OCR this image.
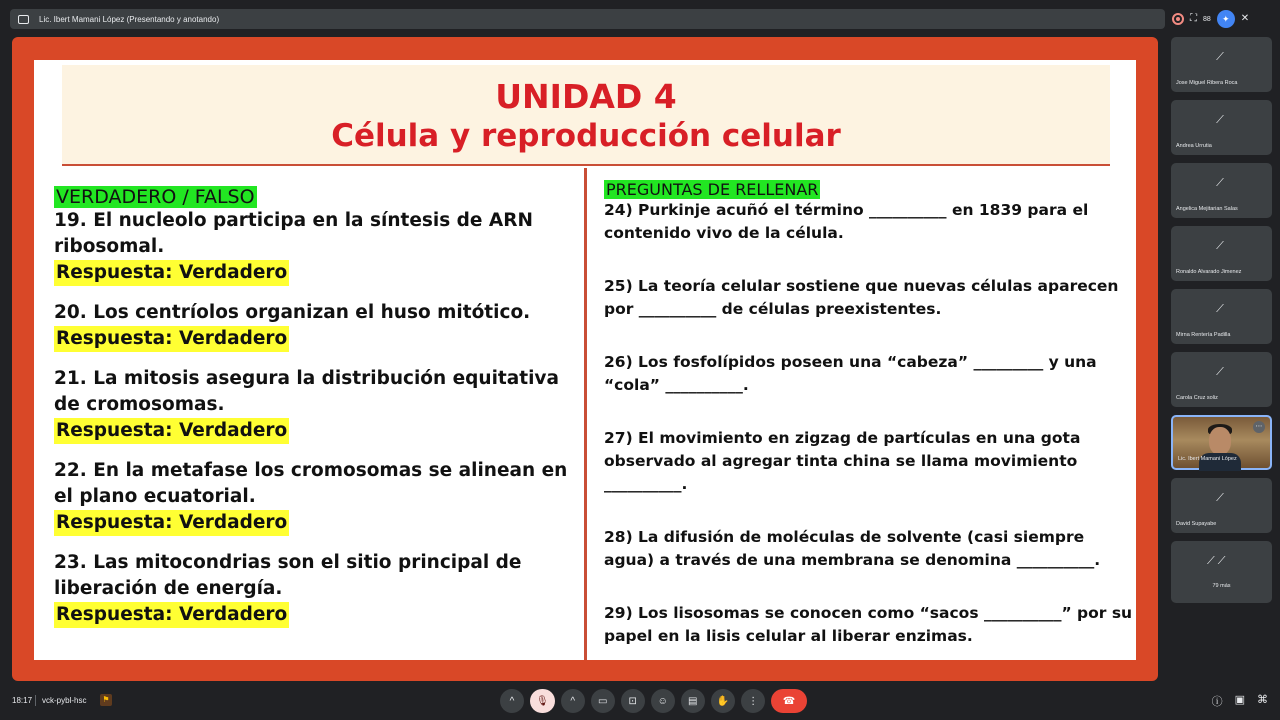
Lic. Ibert Mamani López (Presentando y anotando)	⛶ 88	✦	✕
UNIDAD 4
Célula y reproducción celular
VERDADERO / FALSO
19. El nucleolo participa en la síntesis de ARN ribosomal.
Respuesta: Verdadero
20. Los centríolos organizan el huso mitótico.
Respuesta: Verdadero
21. La mitosis asegura la distribución equitativa de cromosomas.
Respuesta: Verdadero
22. En la metafase los cromosomas se alinean en el plano ecuatorial.
Respuesta: Verdadero
23. Las mitocondrias son el sitio principal de liberación de energía.
Respuesta: Verdadero
PREGUNTAS DE RELLENAR
24) Purkinje acuñó el término __________ en 1839 para el contenido vivo de la célula.
25) La teoría celular sostiene que nuevas células aparecen por __________ de células preexistentes.
26) Los fosfolípidos poseen una “cabeza” _________ y una “cola” __________.
27) El movimiento en zigzag de partículas en una gota observado al agregar tinta china se llama movimiento __________.
28) La difusión de moléculas de solvente (casi siempre agua) a través de una membrana se denomina __________.
29) Los lisosomas se conocen como “sacos __________” por su papel en la lisis celular al liberar enzimas.
⟋
Jose Miguel Ribera Roca
⟋
Andrea Urrutia
⟋
Angelica Mejitarian Salas
⟋
Ronaldo Alvarado Jimenez
⟋
Mirna Rentería Padilla
⟋
Carola Cruz soliz
⋯
Lic. Ibert Mamani López
⟋
David Supayabe
⟋ ⟋
79 más
18:17 vck-pybl-hsc	⚑	^	🎙	^	▭ ⊡ ☺ ▤ ✋ ⋮ ☎	ⓘ ▣ ⌘
